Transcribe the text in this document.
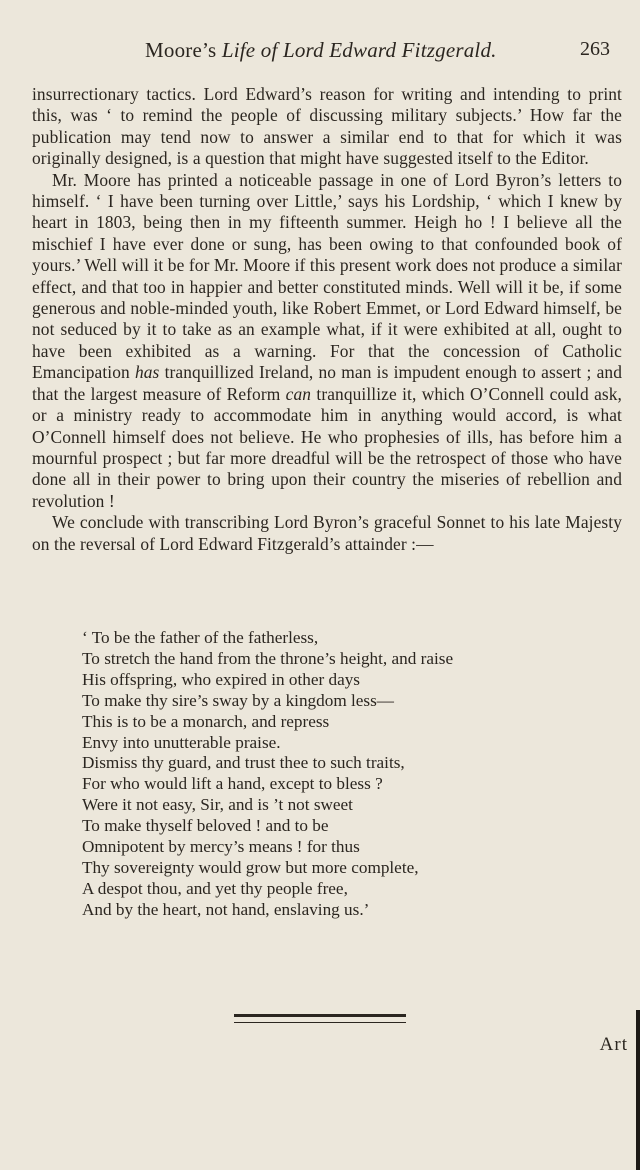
Moore’s Life of Lord Edward Fitzgerald.	263

insurrectionary tactics. Lord Edward’s reason for writing and intending to print this, was ‘ to remind the people of discussing military subjects.’ How far the publication may tend now to answer a similar end to that for which it was originally designed, is a question that might have suggested itself to the Editor.

Mr. Moore has printed a noticeable passage in one of Lord Byron’s letters to himself. ‘ I have been turning over Little,’ says his Lordship, ‘ which I knew by heart in 1803, being then in my fifteenth summer. Heigh ho ! I believe all the mischief I have ever done or sung, has been owing to that confounded book of yours.’ Well will it be for Mr. Moore if this present work does not produce a similar effect, and that too in happier and better constituted minds. Well will it be, if some generous and noble-minded youth, like Robert Emmet, or Lord Edward himself, be not seduced by it to take as an example what, if it were exhibited at all, ought to have been exhibited as a warning. For that the concession of Catholic Emancipation has tranquillized Ireland, no man is impudent enough to assert ; and that the largest measure of Reform can tranquillize it, which O’Connell could ask, or a ministry ready to accommodate him in anything would accord, is what O’Connell himself does not believe. He who prophesies of ills, has before him a mournful prospect ; but far more dreadful will be the retrospect of those who have done all in their power to bring upon their country the miseries of rebellion and revolution !

We conclude with transcribing Lord Byron’s graceful Sonnet to his late Majesty on the reversal of Lord Edward Fitzgerald’s attainder :—

‘ To be the father of the fatherless,
To stretch the hand from the throne’s height, and raise
His offspring, who expired in other days
To make thy sire’s sway by a kingdom less—
This is to be a monarch, and repress
Envy into unutterable praise.
Dismiss thy guard, and trust thee to such traits,
For who would lift a hand, except to bless ?
Were it not easy, Sir, and is ’t not sweet
To make thyself beloved ! and to be
Omnipotent by mercy’s means ! for thus
Thy sovereignty would grow but more complete,
A despot thou, and yet thy people free,
And by the heart, not hand, enslaving us.’
Art
